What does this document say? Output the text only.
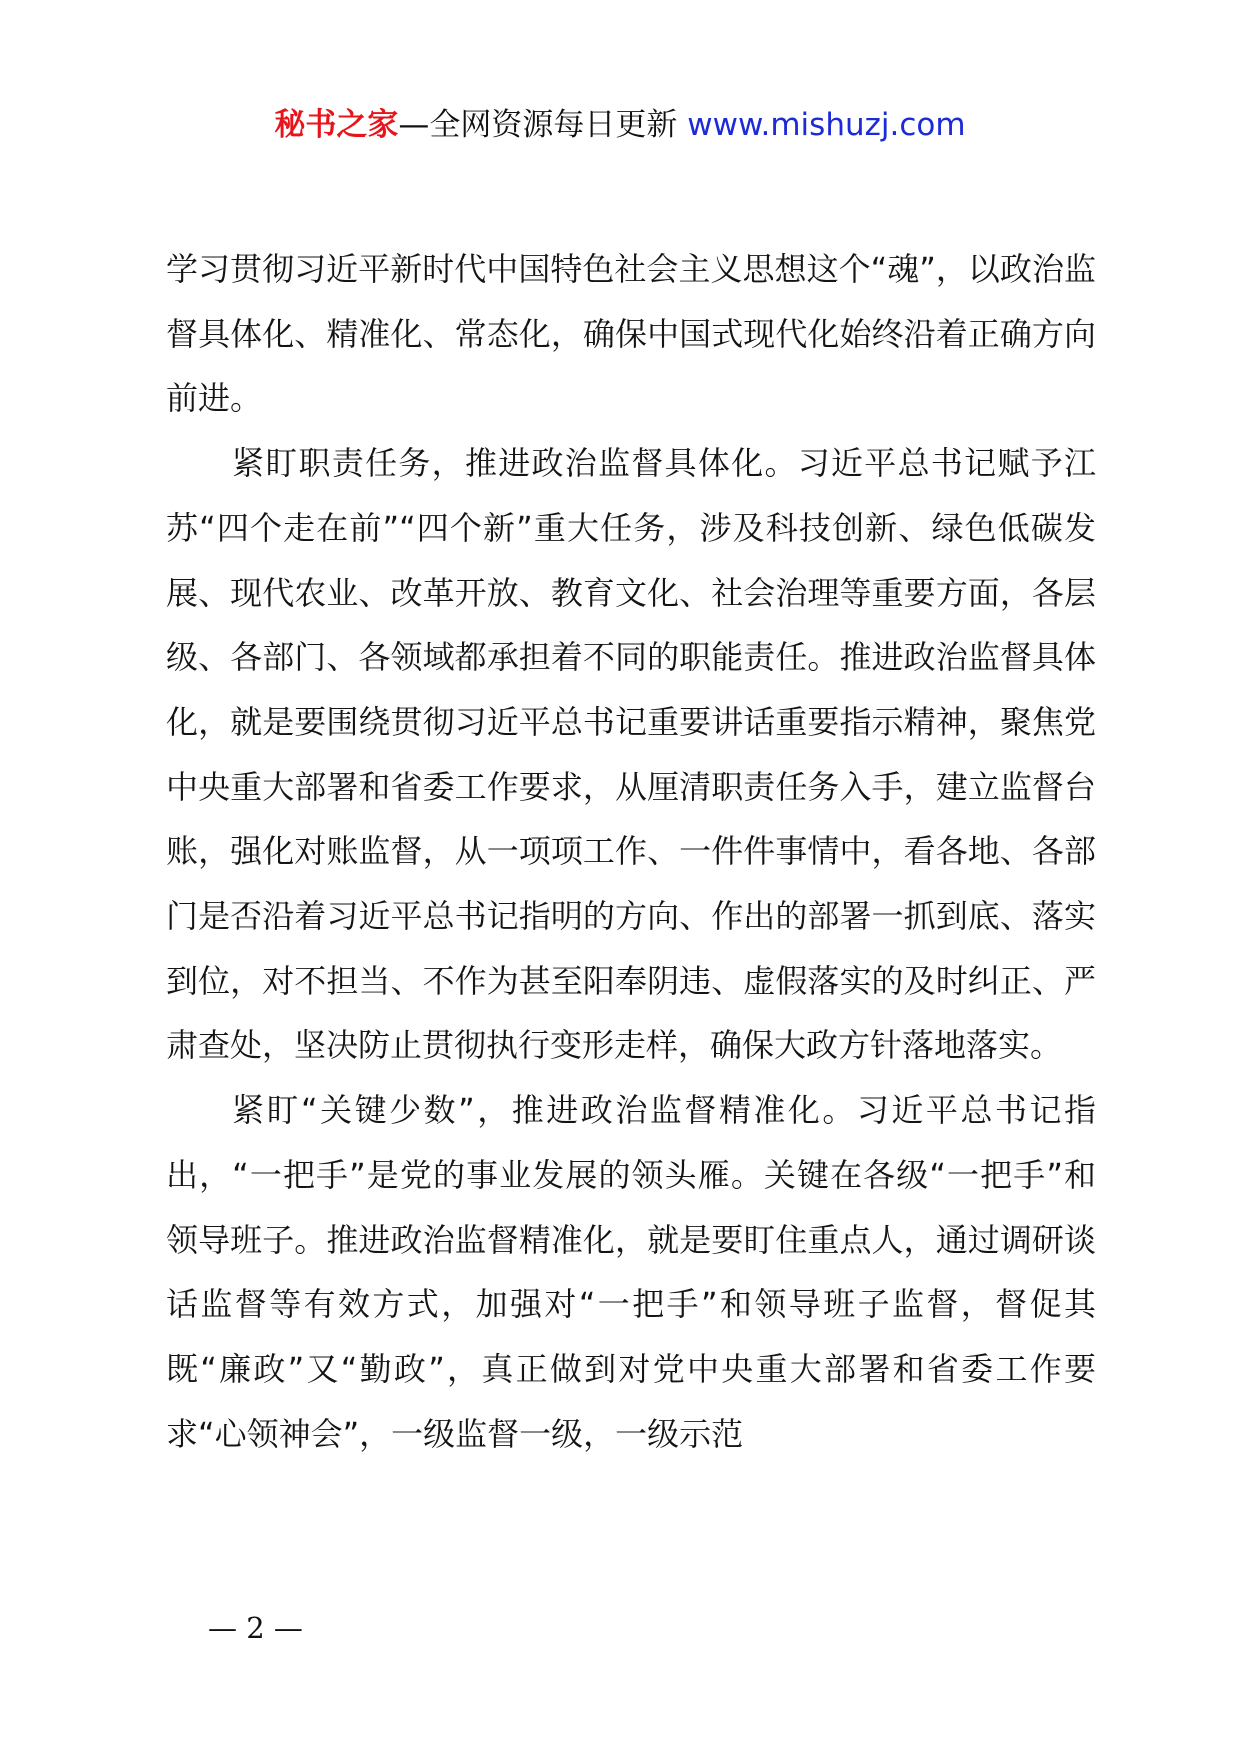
秘书之家—全网资源每日更新 www.mishuzj.com

学习贯彻习近平新时代中国特色社会主义思想这个“魂”，以政治监督具体化、精准化、常态化，确保中国式现代化始终沿着正确方向前进。

紧盯职责任务，推进政治监督具体化。习近平总书记赋予江苏“四个走在前”“四个新”重大任务，涉及科技创新、绿色低碳发展、现代农业、改革开放、教育文化、社会治理等重要方面，各层级、各部门、各领域都承担着不同的职能责任。推进政治监督具体化，就是要围绕贯彻习近平总书记重要讲话重要指示精神，聚焦党中央重大部署和省委工作要求，从厘清职责任务入手，建立监督台账，强化对账监督，从一项项工作、一件件事情中，看各地、各部门是否沿着习近平总书记指明的方向、作出的部署一抓到底、落实到位，对不担当、不作为甚至阳奉阴违、虚假落实的及时纠正、严肃查处，坚决防止贯彻执行变形走样，确保大政方针落地落实。

紧盯“关键少数”，推进政治监督精准化。习近平总书记指出，“一把手”是党的事业发展的领头雁。关键在各级“一把手”和领导班子。推进政治监督精准化，就是要盯住重点人，通过调研谈话监督等有效方式，加强对“一把手”和领导班子监督，督促其既“廉政”又“勤政”，真正做到对党中央重大部署和省委工作要求“心领神会”，一级监督一级，一级示范

— 2 —
